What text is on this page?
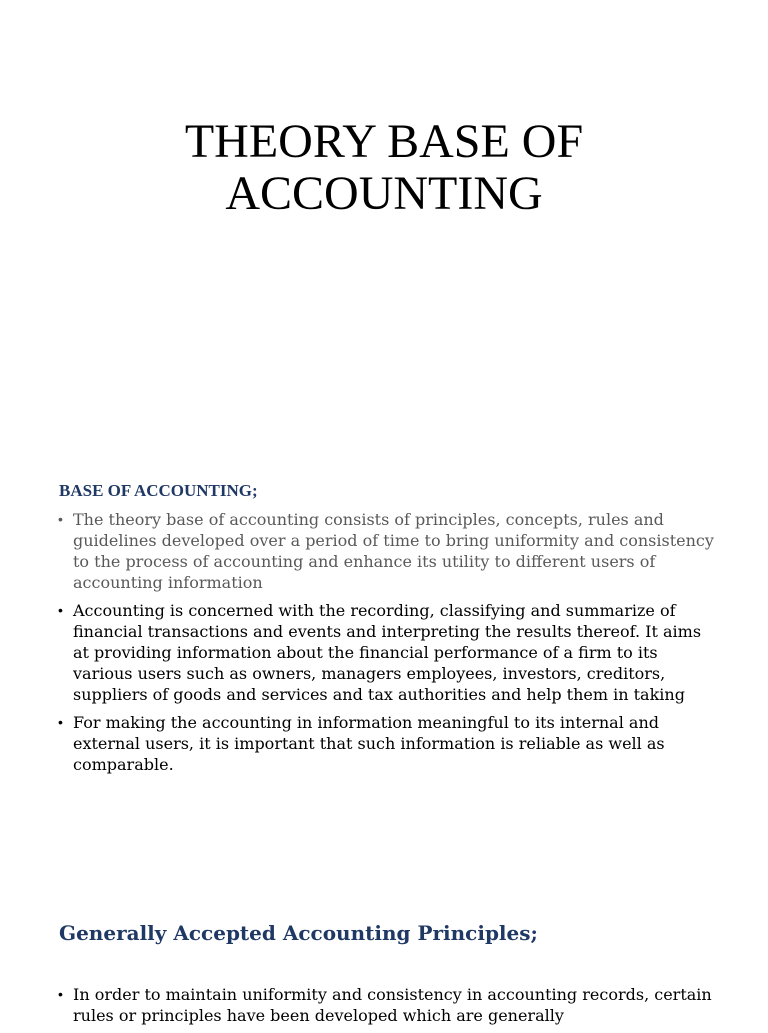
THEORY BASE OF
ACCOUNTING
BASE OF ACCOUNTING;
• The theory base of accounting consists of principles, concepts, rules and guidelines developed over a period of time to bring uniformity and consistency to the process of accounting and enhance its utility to different users of accounting information
• Accounting is concerned with the recording, classifying and summarize of financial transactions and events and interpreting the results thereof. It aims at providing information about the financial performance of a firm to its various users such as owners, managers employees, investors, creditors, suppliers of goods and services and tax authorities and help them in taking
• For making the accounting in information meaningful to its internal and external users, it is important that such information is reliable as well as comparable.
Generally Accepted Accounting Principles;
• In order to maintain uniformity and consistency in accounting records, certain rules or principles have been developed which are generally
